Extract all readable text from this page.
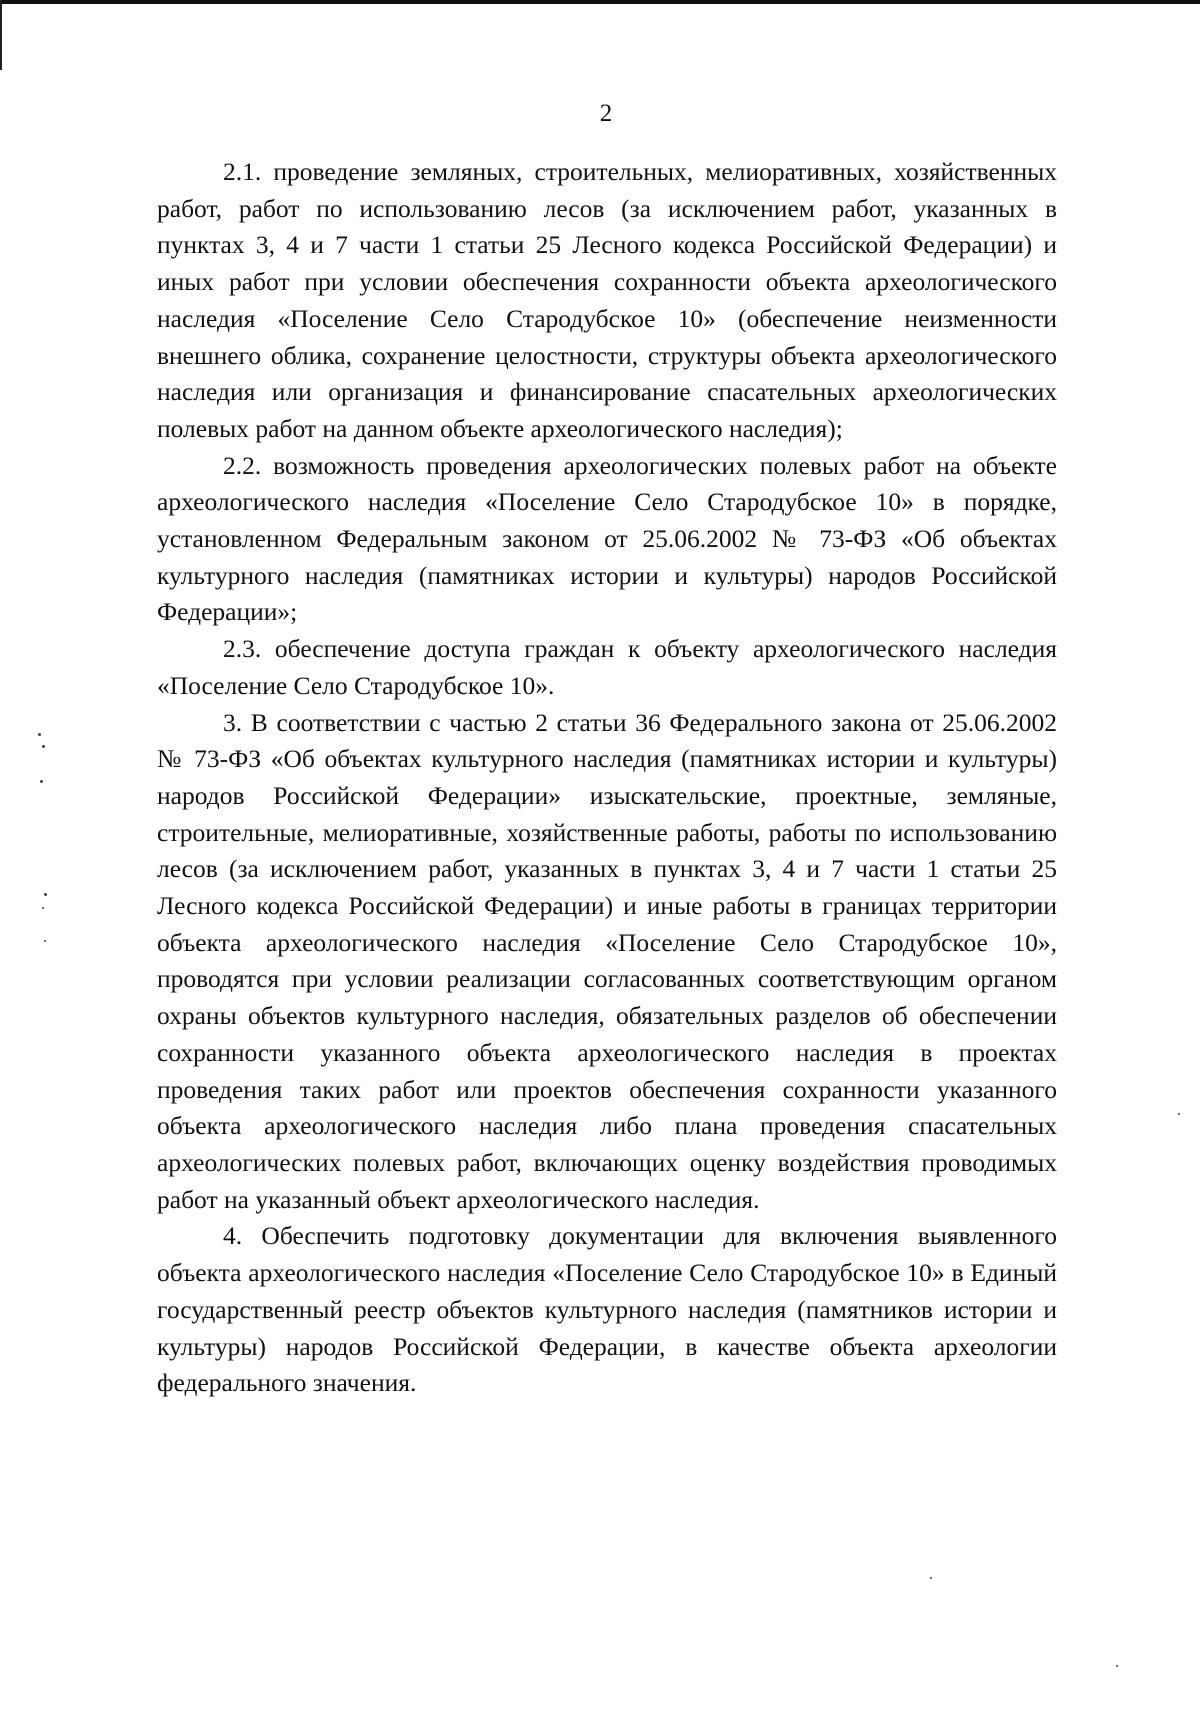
2

2.1. проведение земляных, строительных, мелиоративных, хозяйственных работ, работ по использованию лесов (за исключением работ, указанных в пунктах 3, 4 и 7 части 1 статьи 25 Лесного кодекса Российской Федерации) и иных работ при условии обеспечения сохранности объекта археологического наследия «Поселение Село Стародубское 10» (обеспечение неизменности внешнего облика, сохранение целостности, структуры объекта археологического наследия или организация и финансирование спасательных археологических полевых работ на данном объекте археологического наследия);

2.2. возможность проведения археологических полевых работ на объекте археологического наследия «Поселение Село Стародубское 10» в порядке, установленном Федеральным законом от 25.06.2002 № 73-ФЗ «Об объектах культурного наследия (памятниках истории и культуры) народов Российской Федерации»;

2.3. обеспечение доступа граждан к объекту археологического наследия «Поселение Село Стародубское 10».

3. В соответствии с частью 2 статьи 36 Федерального закона от 25.06.2002 № 73-ФЗ «Об объектах культурного наследия (памятниках истории и культуры) народов Российской Федерации» изыскательские, проектные, земляные, строительные, мелиоративные, хозяйственные работы, работы по использованию лесов (за исключением работ, указанных в пунктах 3, 4 и 7 части 1 статьи 25 Лесного кодекса Российской Федерации) и иные работы в границах территории объекта археологического наследия «Поселение Село Стародубское 10», проводятся при условии реализации согласованных соответствующим органом охраны объектов культурного наследия, обязательных разделов об обеспечении сохранности указанного объекта археологического наследия в проектах проведения таких работ или проектов обеспечения сохранности указанного объекта археологического наследия либо плана проведения спасательных археологических полевых работ, включающих оценку воздействия проводимых работ на указанный объект археологического наследия.

4. Обеспечить подготовку документации для включения выявленного объекта археологического наследия «Поселение Село Стародубское 10» в Единый государственный реестр объектов культурного наследия (памятников истории и культуры) народов Российской Федерации, в качестве объекта археологии федерального значения.
